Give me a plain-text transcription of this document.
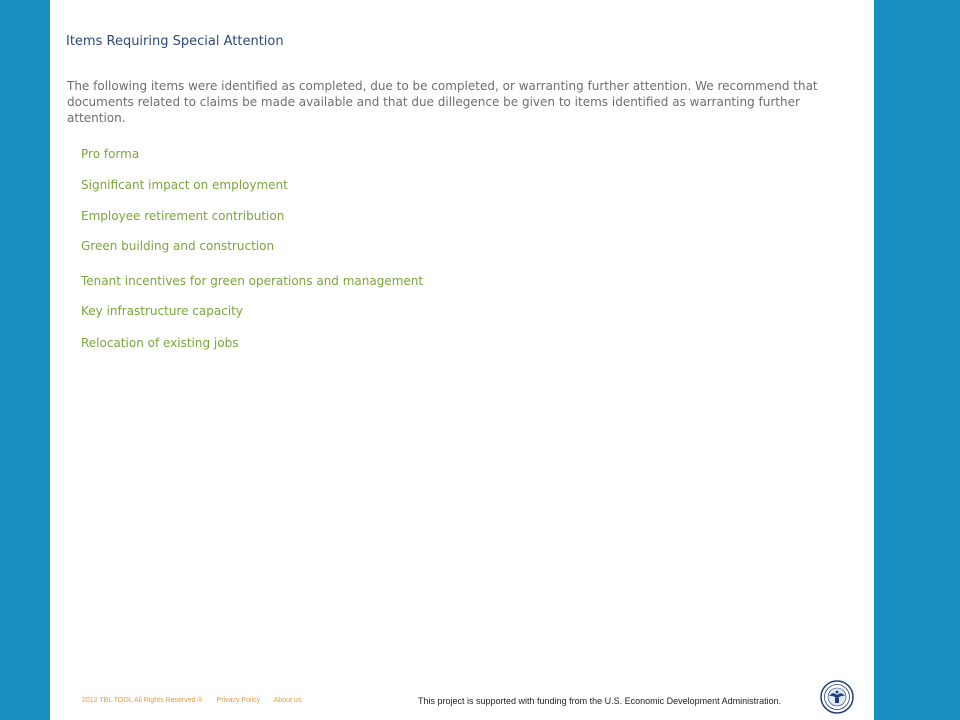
Items Requiring Special Attention
The following items were identified as completed, due to be completed, or warranting further attention. We recommend that documents related to claims be made available and that due dillegence be given to items identified as warranting further attention.
Pro forma
Significant impact on employment
Employee retirement contribution
Green building and construction
Tenant incentives for green operations and management
Key infrastructure capacity
Relocation of existing jobs
2012 TBL TOOL All Rights Reserved ® Privacy Policy About us	This project is supported with funding from the U.S. Economic Development Administration.
